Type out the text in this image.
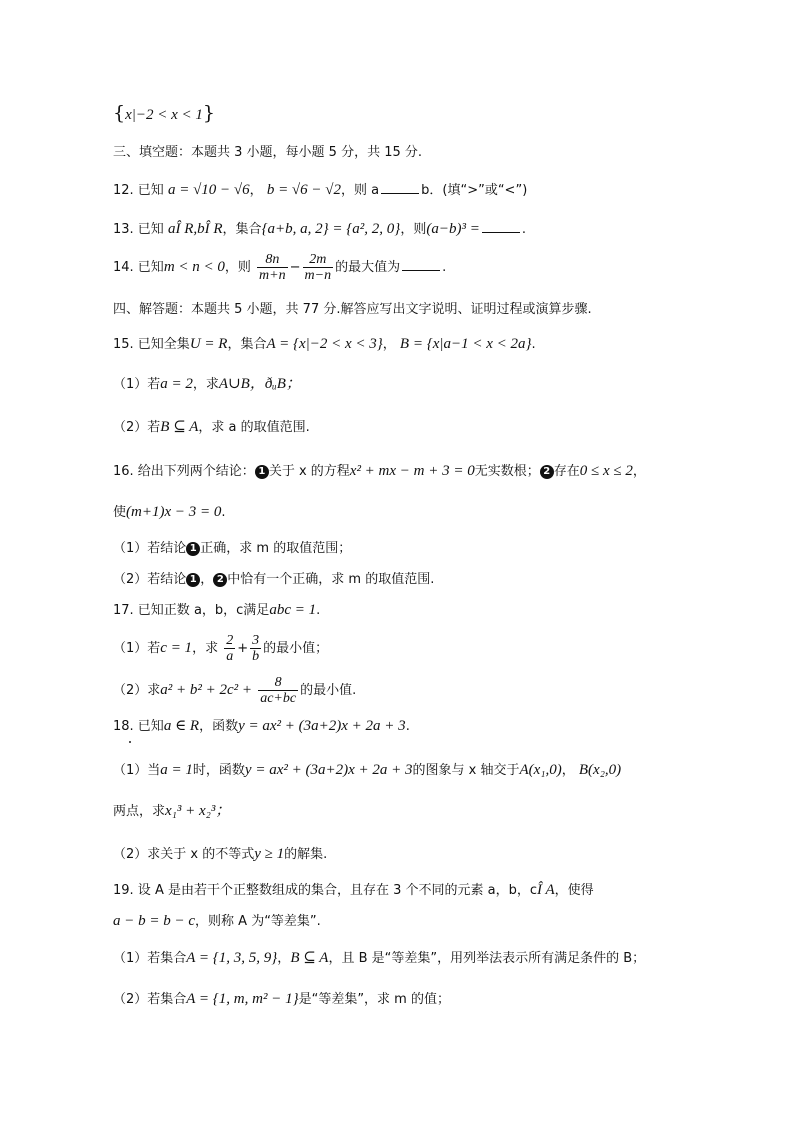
{x|−2 < x < 1}
三、填空题：本题共 3 小题，每小题 5 分，共 15 分.
12. 已知 a = √10 − √6， b = √6 − √2，则 a	b．(填“>”或“<”)
13. 已知 aÎ R,bÎ R，集合{a+b, a, 2} = {a², 2, 0}，则(a−b)³ =	.
14. 已知m < n < 0，则 $\frac{8n}{m+n} - \frac{2m}{m-n}$ 的最大值为	.
四、解答题：本题共 5 小题，共 77 分.解答应写出文字说明、证明过程或演算步骤.
15. 已知全集U = R，集合A = {x|−2 < x < 3}， B = {x|a−1 < x < 2a}.
（1）若a = 2，求A∪B，ðᵤB；
（2）若B ⊆ A，求 a 的取值范围.
16. 给出下列两个结论： 1 关于 x 的方程x² + mx − m + 3 = 0无实数根； 2 存在0 ≤ x ≤ 2，
使(m+1)x − 3 = 0.
（1）若结论 1 正确，求 m 的取值范围；
（2）若结论 1 ， 2 中恰有一个正确，求 m 的取值范围.
17. 已知正数 a，b，c满足abc = 1.
（1）若c = 1，求 $\frac{2}{a} + \frac{3}{b}$ 的最小值；
（2）求$a^2 + b^2 + 2c^2 + \frac{8}{ac+bc}$ 的最小值.
18. 已知a ∈ R，函数y = ax² + (3a+2)x + 2a + 3.
（1）当a = 1时，函数y = ax² + (3a+2)x + 2a + 3的图象与 x 轴交于A(x₁,0)， B(x₂,0)
两点，求x₁³ + x₂³；
（2）求关于 x 的不等式y ≥ 1的解集.
19. 设 A 是由若干个正整数组成的集合，且存在 3 个不同的元素 a，b，cÎ A，使得
a − b = b − c，则称 A 为“等差集”.
（1）若集合A = {1, 3, 5, 9}，B ⊆ A，且 B 是“等差集”，用列举法表示所有满足条件的 B；
（2）若集合A = {1, m, m² − 1}是“等差集”，求 m 的值；
